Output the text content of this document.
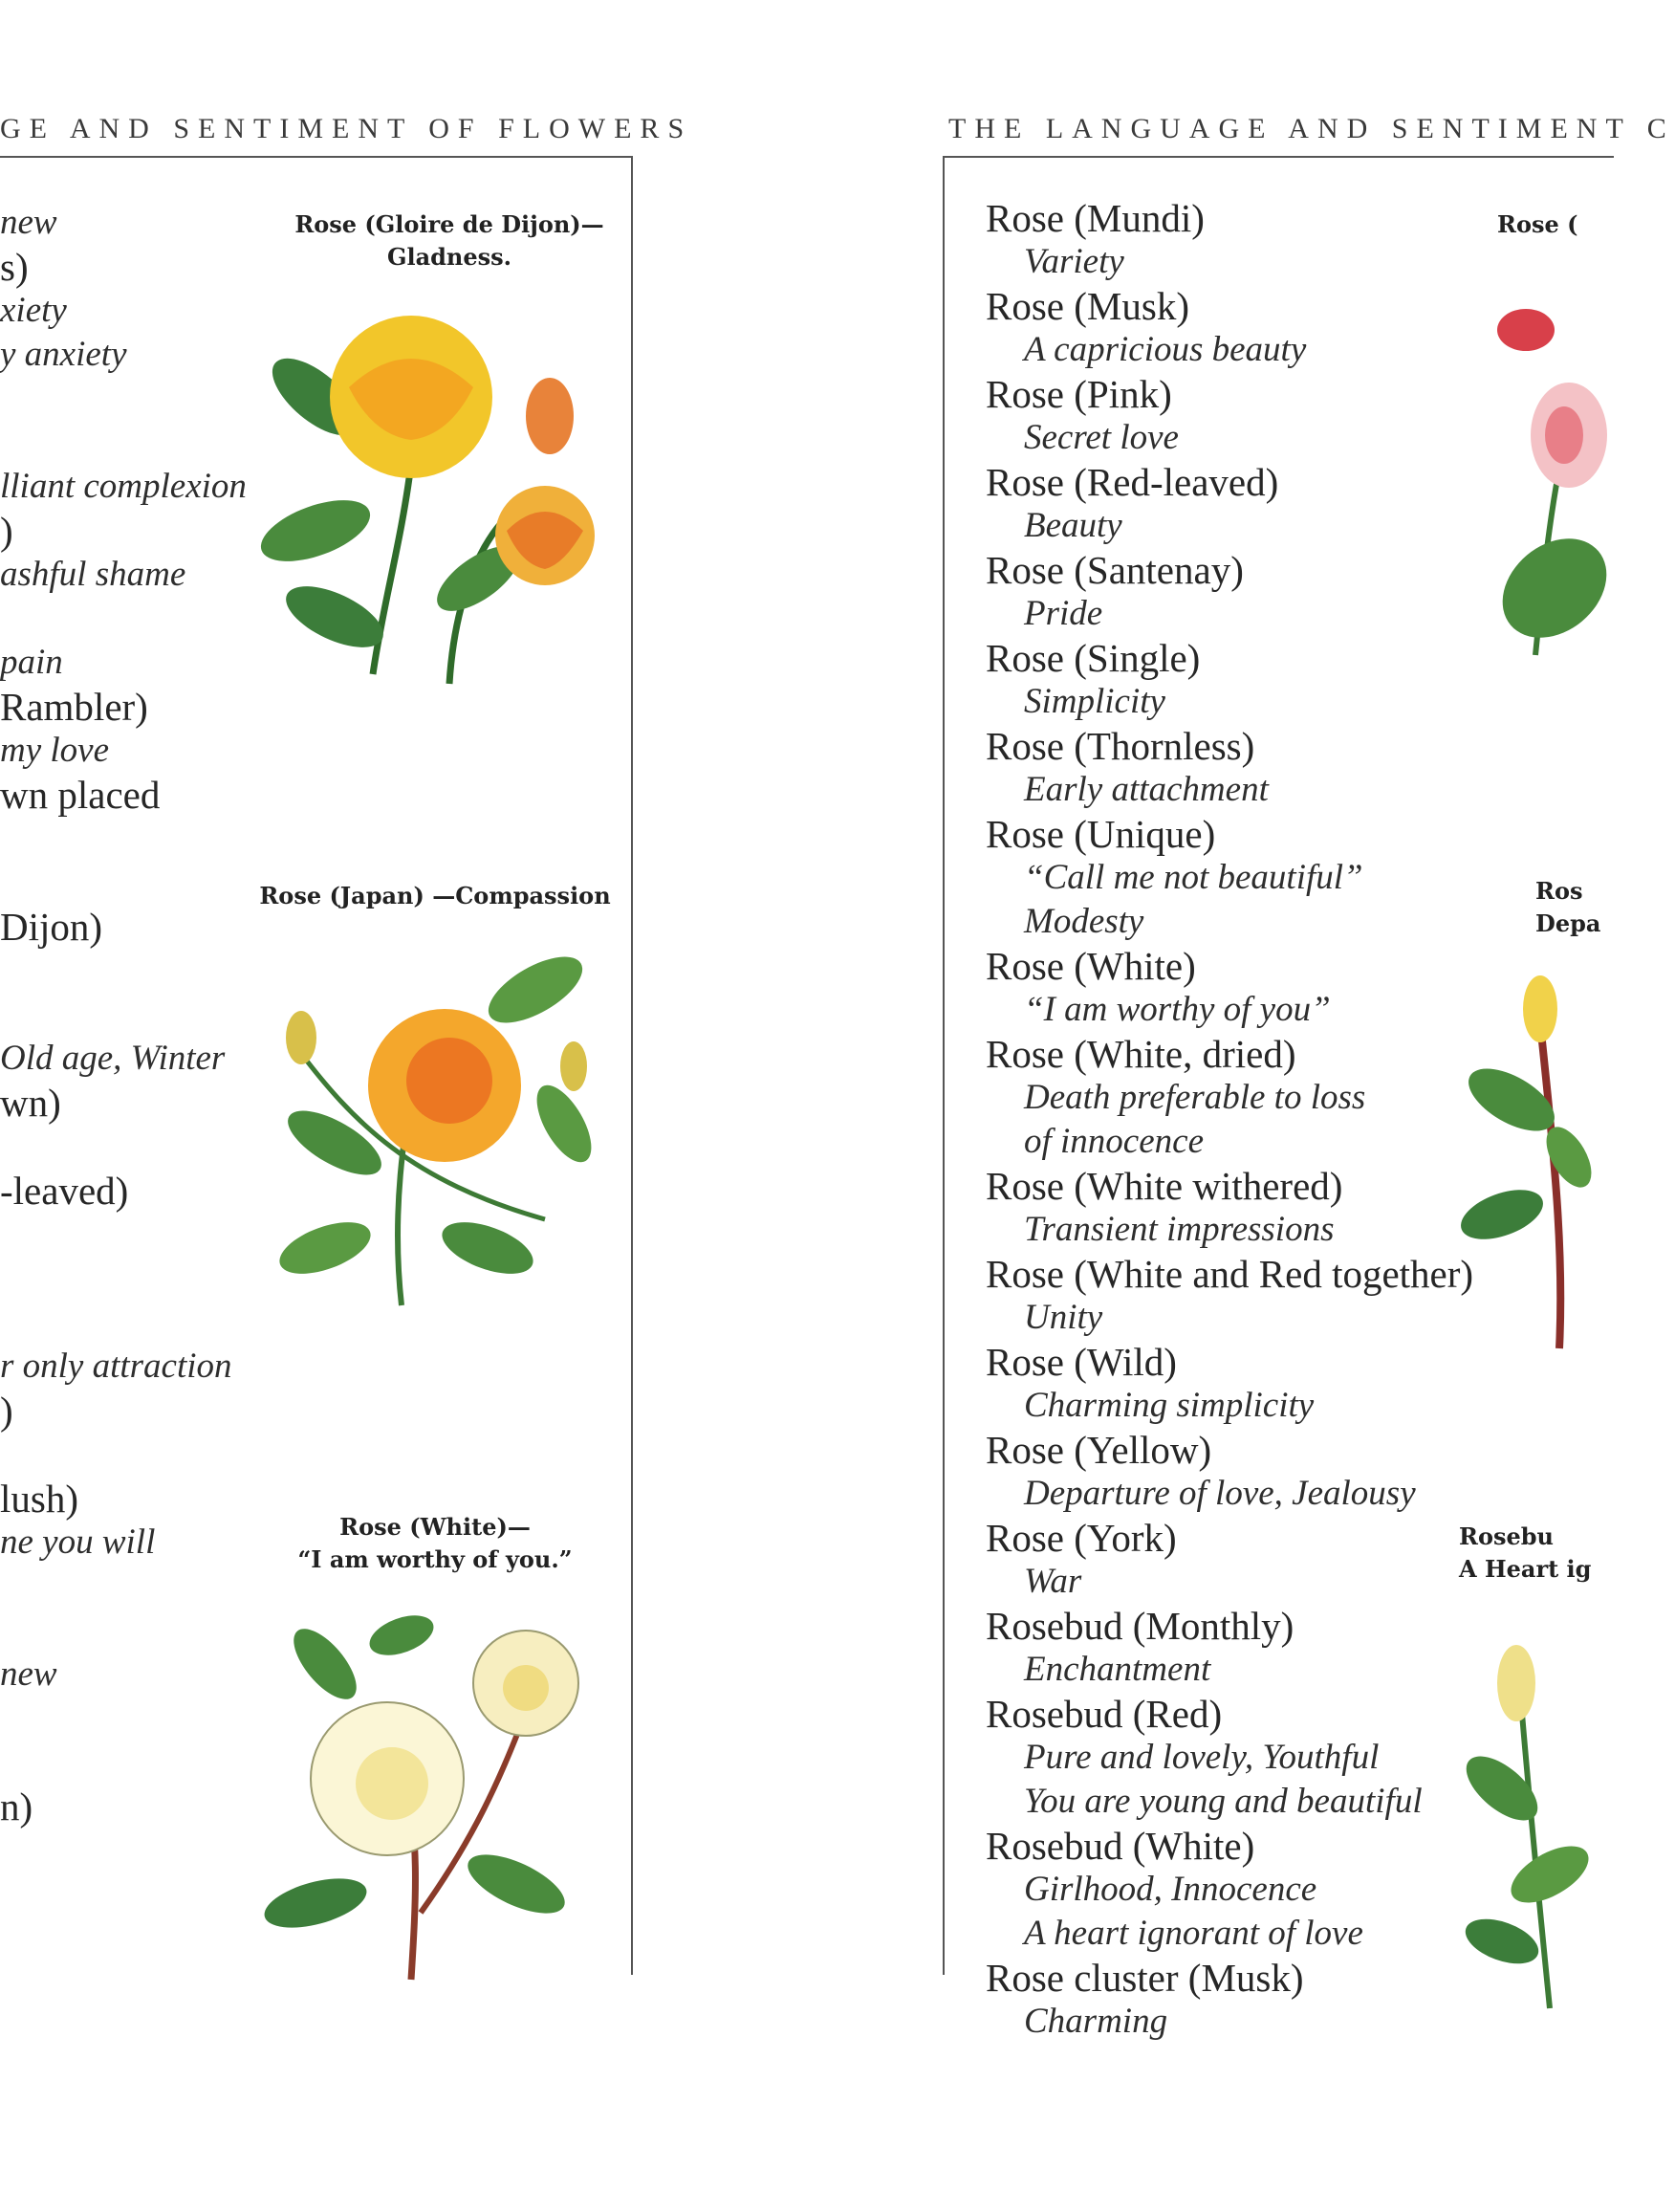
GE AND SENTIMENT OF FLOWERS
new
s)
xiety
y anxiety

lliant complexion
)
ashful shame

pain
Rambler)
my love
wn placed

Dijon)

Old age, Winter
wn)

-leaved)

r only attraction
)

lush)
ne you will

new

n)
Rose (Gloire de Dijon)—
Gladness.
Rose (Japan) —Compassion
Rose (White)—
“I am worthy of you.”
THE LANGUAGE AND SENTIMENT C
Rose (Mundi)
Variety
Rose (Musk)
A capricious beauty
Rose (Pink)
Secret love
Rose (Red-leaved)
Beauty
Rose (Santenay)
Pride
Rose (Single)
Simplicity
Rose (Thornless)
Early attachment
Rose (Unique)
“Call me not beautiful”
Modesty
Rose (White)
“I am worthy of you”
Rose (White, dried)
Death preferable to loss
of innocence
Rose (White withered)
Transient impressions
Rose (White and Red together)
Unity
Rose (Wild)
Charming simplicity
Rose (Yellow)
Departure of love, Jealousy
Rose (York)
War
Rosebud (Monthly)
Enchantment
Rosebud (Red)
Pure and lovely, Youthful
You are young and beautiful
Rosebud (White)
Girlhood, Innocence
A heart ignorant of love
Rose cluster (Musk)
Charming
Rose (
Ros
Depa
Rosebu
A Heart ig
